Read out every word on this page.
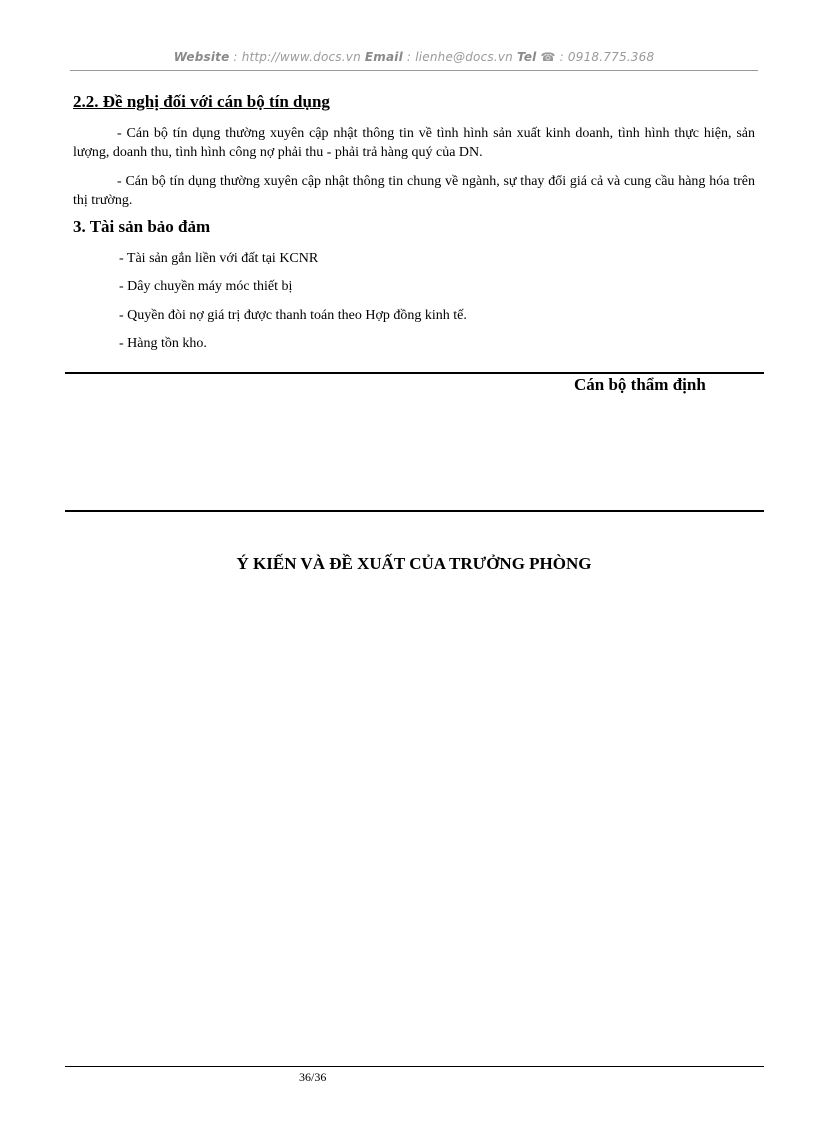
Website : http://www.docs.vn Email : lienhe@docs.vn Tel ☎ : 0918.775.368
2.2. Đề nghị đối với cán bộ tín dụng

- Cán bộ tín dụng thường xuyên cập nhật thông tin về tình hình sản xuất kinh doanh, tình hình thực hiện, sản lượng, doanh thu, tình hình công nợ phải thu - phải trả hàng quý của DN.

- Cán bộ tín dụng thường xuyên cập nhật thông tin chung về ngành, sự thay đổi giá cả và cung cầu hàng hóa trên thị trường.

3. Tài sản bảo đảm

- Tài sản gắn liền với đất tại KCNR

- Dây chuyền máy móc thiết bị

- Quyền đòi nợ giá trị được thanh toán theo Hợp đồng kinh tế.

- Hàng tồn kho.

Cán bộ thẩm định
Ý KIẾN VÀ ĐỀ XUẤT CỦA TRƯỞNG PHÒNG
36/36
